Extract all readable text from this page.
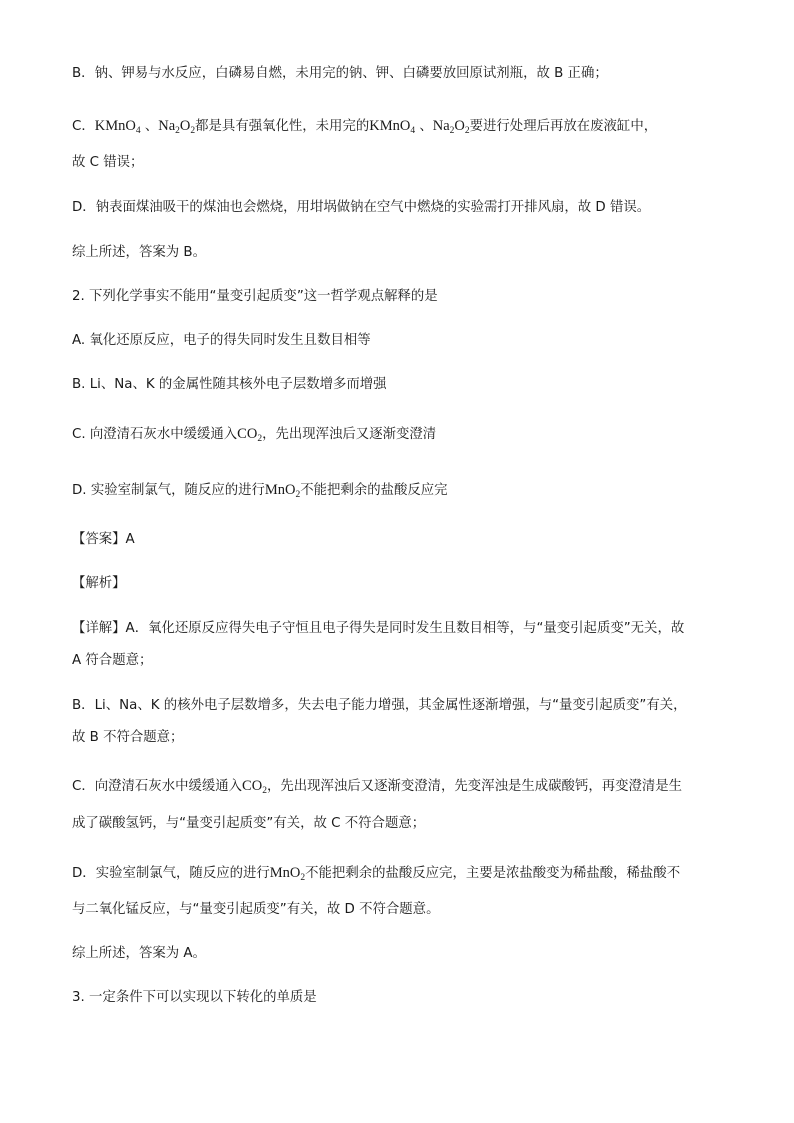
B．钠、钾易与水反应，白磷易自燃，未用完的钠、钾、白磷要放回原试剂瓶，故 B 正确；
C．KMnO$_4$ 、$Na_2O_2$都是具有强氧化性，未用完的KMnO$_4$ 、$Na_2O_2$要进行处理后再放在废液缸中，
故 C 错误；
D．钠表面煤油吸干的煤油也会燃烧，用坩埚做钠在空气中燃烧的实验需打开排风扇，故 D 错误。
综上所述，答案为 B。
2. 下列化学事实不能用“量变引起质变”这一哲学观点解释的是
A. 氧化还原反应，电子的得失同时发生且数目相等
B. Li、Na、K 的金属性随其核外电子层数增多而增强
C. 向澄清石灰水中缓缓通入$CO_2$，先出现浑浊后又逐渐变澄清
D. 实验室制氯气，随反应的进行MnO$_2$不能把剩余的盐酸反应完
【答案】A
【解析】
【详解】A．氧化还原反应得失电子守恒且电子得失是同时发生且数目相等，与“量变引起质变”无关，故
A 符合题意；
B．Li、Na、K 的核外电子层数增多，失去电子能力增强，其金属性逐渐增强，与“量变引起质变”有关，
故 B 不符合题意；
C．向澄清石灰水中缓缓通入$CO_2$，先出现浑浊后又逐渐变澄清，先变浑浊是生成碳酸钙，再变澄清是生
成了碳酸氢钙，与“量变引起质变”有关，故 C 不符合题意；
D．实验室制氯气，随反应的进行MnO$_2$不能把剩余的盐酸反应完，主要是浓盐酸变为稀盐酸，稀盐酸不
与二氧化锰反应，与“量变引起质变”有关，故 D 不符合题意。
综上所述，答案为 A。
3. 一定条件下可以实现以下转化的单质是
